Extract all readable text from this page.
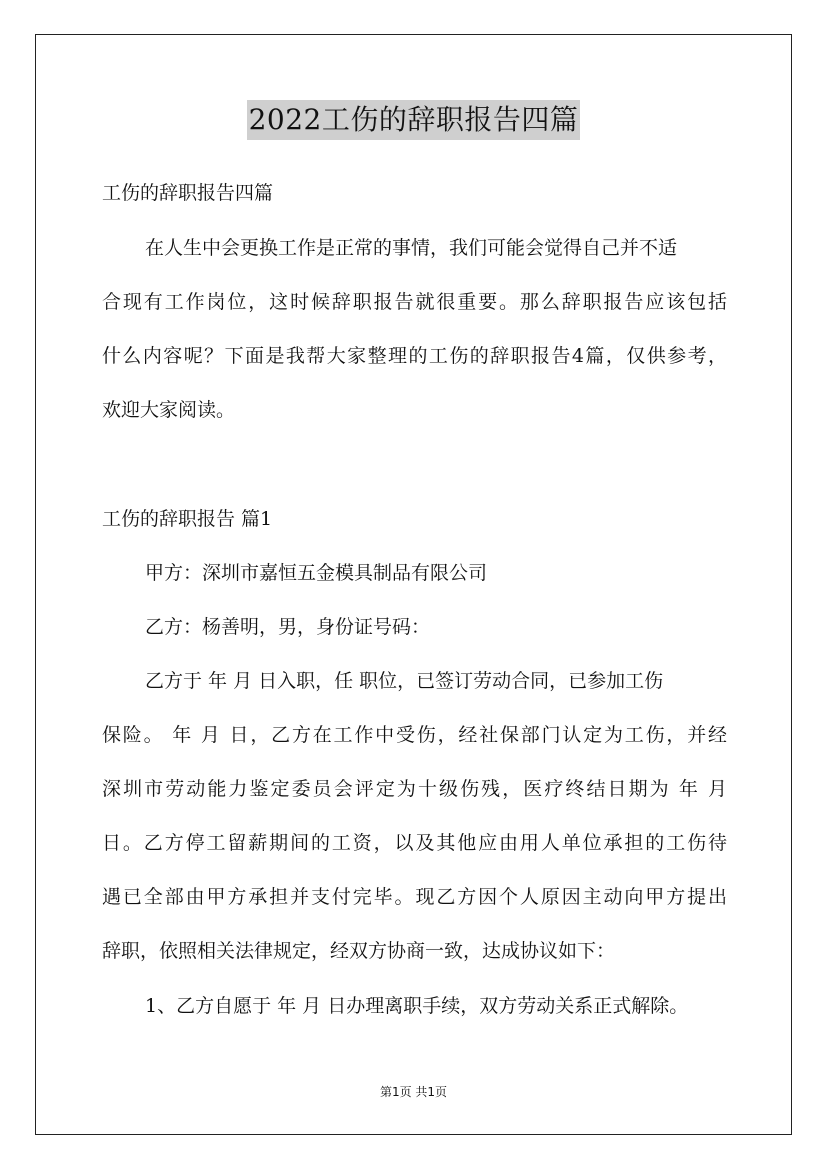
2022工伤的辞职报告四篇
工伤的辞职报告四篇
在人生中会更换工作是正常的事情，我们可能会觉得自己并不适
合现有工作岗位，这时候辞职报告就很重要。那么辞职报告应该包括
什么内容呢？下面是我帮大家整理的工伤的辞职报告4篇，仅供参考，
欢迎大家阅读。
工伤的辞职报告 篇1
甲方：深圳市嘉恒五金模具制品有限公司
乙方：杨善明，男，身份证号码：
乙方于 年 月 日入职，任 职位，已签订劳动合同，已参加工伤
保险。 年 月 日，乙方在工作中受伤，经社保部门认定为工伤，并经
深圳市劳动能力鉴定委员会评定为十级伤残，医疗终结日期为 年 月
日。乙方停工留薪期间的工资，以及其他应由用人单位承担的工伤待
遇已全部由甲方承担并支付完毕。现乙方因个人原因主动向甲方提出
辞职，依照相关法律规定，经双方协商一致，达成协议如下：
1、乙方自愿于 年 月 日办理离职手续，双方劳动关系正式解除。
第1页 共1页
